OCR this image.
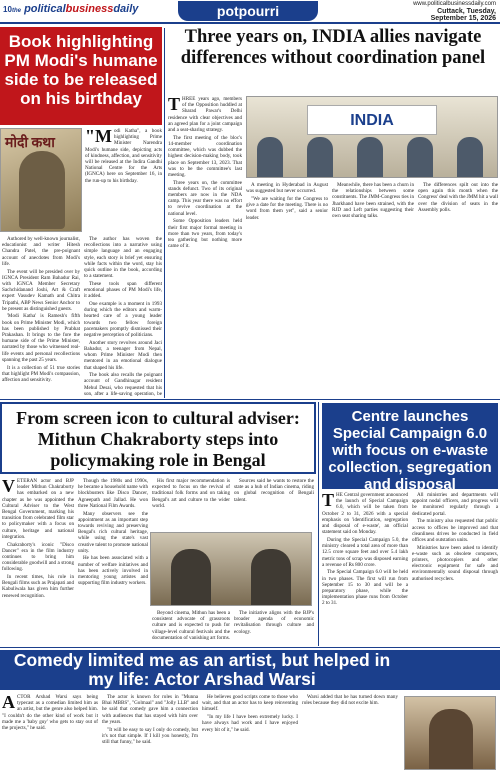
10 the politicalbusinessdaily	potpourri	www.politicalbusinessdaily.com
Cuttack, Tuesday,
September 15, 2026
Book highlighting PM Modi's humane side to be released on his birthday
मोदी कथा "Modi Katha", a book highlighting Prime Minister Narendra Modi's humane side, depicting acts of kindness, affection, and sensitivity will be released at the Indira Gandhi National Centre for the Arts (IGNCA) here on September 16, in the run-up to his birthday.

Authored by well-known journalist, educationist and writer Hitesh Chandra Patel, the pre-poignant account of anecdotes from Modi's life.

The event will be presided over by IGNCA President Ram Bahadur Rai, with IGNCA Member Secretary Sachchidanand Joshi, Art & Craft expert Vasudev Kamath and Chitra Tripathi, ABP News Senior Anchor to be present as distinguished guests.

'Modi Katha' is Ramesh's fifth book on Prime Minister Modi, which has been published by Prabhat Prakashan. It brings to the fore the humane side of the Prime Minister, narrated by those who witnessed real-life events and personal recollections spanning the past 25 years.

It is a collection of 51 true stories that highlight PM Modi's compassion, affection and sensitivity.

The author has woven the recollections into a narrative using simple language and an engaging style, each story is brief yet ensuring while facts within the word, stay his quick outline in the book, according to a statement.

These tools span different emotional phases of PM Modi's life, it added.

One example is a moment in 1993 during which the editors and warm-hearted care of a young leader towards two fellow foreign pacemakers promptly dismissed their negative perception of politicians.

Another story revolves around Jaci Bahadur, a teenager from Nepal, whom Prime Minister Modi then mentored in an emotional dialogue that shaped his life.

The book also recalls the poignant account of Gandhinagar resident Mehul Desai, who requested that his son, after a life-saving operation, be

Three years on, INDIA allies navigate differences without coordination panel

THREE years ago, members of the Opposition huddled at Sharad Pawar's Delhi residence with clear objectives and an agreed plan for a joint campaign and a seat-sharing strategy.

The first meeting of the bloc's 14-member coordination committee, which was dubbed the highest decision-making body, took place on September 13, 2023. That was to be the committee's last meeting.

Three years on, the committee stands defunct. Two of its original members are now in the NDA camp. This year there was no effort to revive coordination at the national level.

Some Opposition leaders held their first major formal meeting in more than two years, from today's tea gathering but nothing more came of it.

INDIA

A meeting in Hyderabad in August was suggested but never occurred.

"We are waiting for the Congress to give a date for the meeting. There is no word from them yet", said a senior leader.

Meanwhile, there has been a churn in the relationships between some constituents. The JMM-Congress ties in Jharkhand have been strained, with the RJD and Left parties suggesting their own seat sharing talks.

The differences spilt out into the open again this month when the Congress' deal with the JMM hit a wall over the division of seats in the Assembly polls.

From screen icon to cultural adviser: Mithun Chakraborty steps into policymaking role in Bengal

VETERAN actor and BJP leader Mithun Chakraborty has embarked on a new chapter as he was appointed the Cultural Adviser to the West Bengal Government, marking his transition from celebrated film star to policymaker with a focus on culture, heritage and national integration.

Chakraborty's iconic "Disco Dancer" era in the film industry continues to bring him considerable goodwill and a strong following.

In recent times, his role in Bengali films such as Prajapati and Kabuliwala has given him further renewed recognition.

Though the 1980s and 1990s, he became a household name with blockbusters like Disco Dancer, Agneepath and Jallad. He won three National Film Awards.

Many observers see the appointment as an important step towards reviving and preserving Bengal's rich cultural heritage, while using the state's vast creative talent to promote national unity.

He has been associated with a number of welfare initiatives and has been actively involved in mentoring young artistes and supporting film industry workers.

His first major recommendation is expected to focus on the revival of traditional folk forms and on taking Bengal's art and culture to the wider world.

Sources said he wants to restore the state as a hub of Indian cinema, riding on global recognition of Bengali talent.

Beyond cinema, Mithun has been a consistent advocate of grassroots culture and is expected to push for village-level cultural festivals and the documentation of vanishing art forms.

The initiative aligns with the BJP's broader agenda of economic revitalisation through culture and ecology.

Centre launches Special Campaign 6.0 with focus on e-waste collection, segregation and disposal

THE Central government announced the launch of Special Campaign 6.0, which will be taken from October 2 to 31, 2026 with a special emphasis on 'identification, segregation and disposal of e-waste', an official statement said on Monday.

During the Special Campaign 5.0, the ministry cleared a total area of more than 12.5 crore square feet and over 5.4 lakh metric tons of scrap was disposed earning a revenue of Rs 800 crore.

The Special Campaign 6.0 will be held in two phases. The first will run from September 15 to 30 and will be a preparatory phase, while the implementation phase runs from October 2 to 31.

All ministries and departments will appoint nodal officers, and progress will be monitored regularly through a dedicated portal.

The ministry also requested that public access to offices be improved and that cleanliness drives be conducted in field offices and outstation units.

Ministries have been asked to identify e-waste such as obsolete computers, printers, photocopiers and other electronic equipment for safe and environmentally sound disposal through authorised recyclers.

Comedy limited me as an artist, but helped in my life: Actor Arshad Warsi

ACTOR Arshad Warsi says being typecast as a comedian limited him as an artist, but the genre also helped him. "I couldn't do the other kind of work but it made me a 'baby guy' who gets to stay out of the projects," he said.

The actor is known for roles in "Munna Bhai MBBS", "Golmaal" and "Jolly LLB" and he said that comedy gave him a connection with audiences that has stayed with him over the years.

"It will be easy to say I only do comedy, but it's not that simple. If I kill you honestly, I'm still that funny," he said.

He believes good scripts come to those who wait, and that an actor has to keep reinventing himself.

"In my life I have been extremely lucky. I have always had work and I have enjoyed every bit of it," he said.

Warsi added that he has turned down many roles because they did not excite him.
